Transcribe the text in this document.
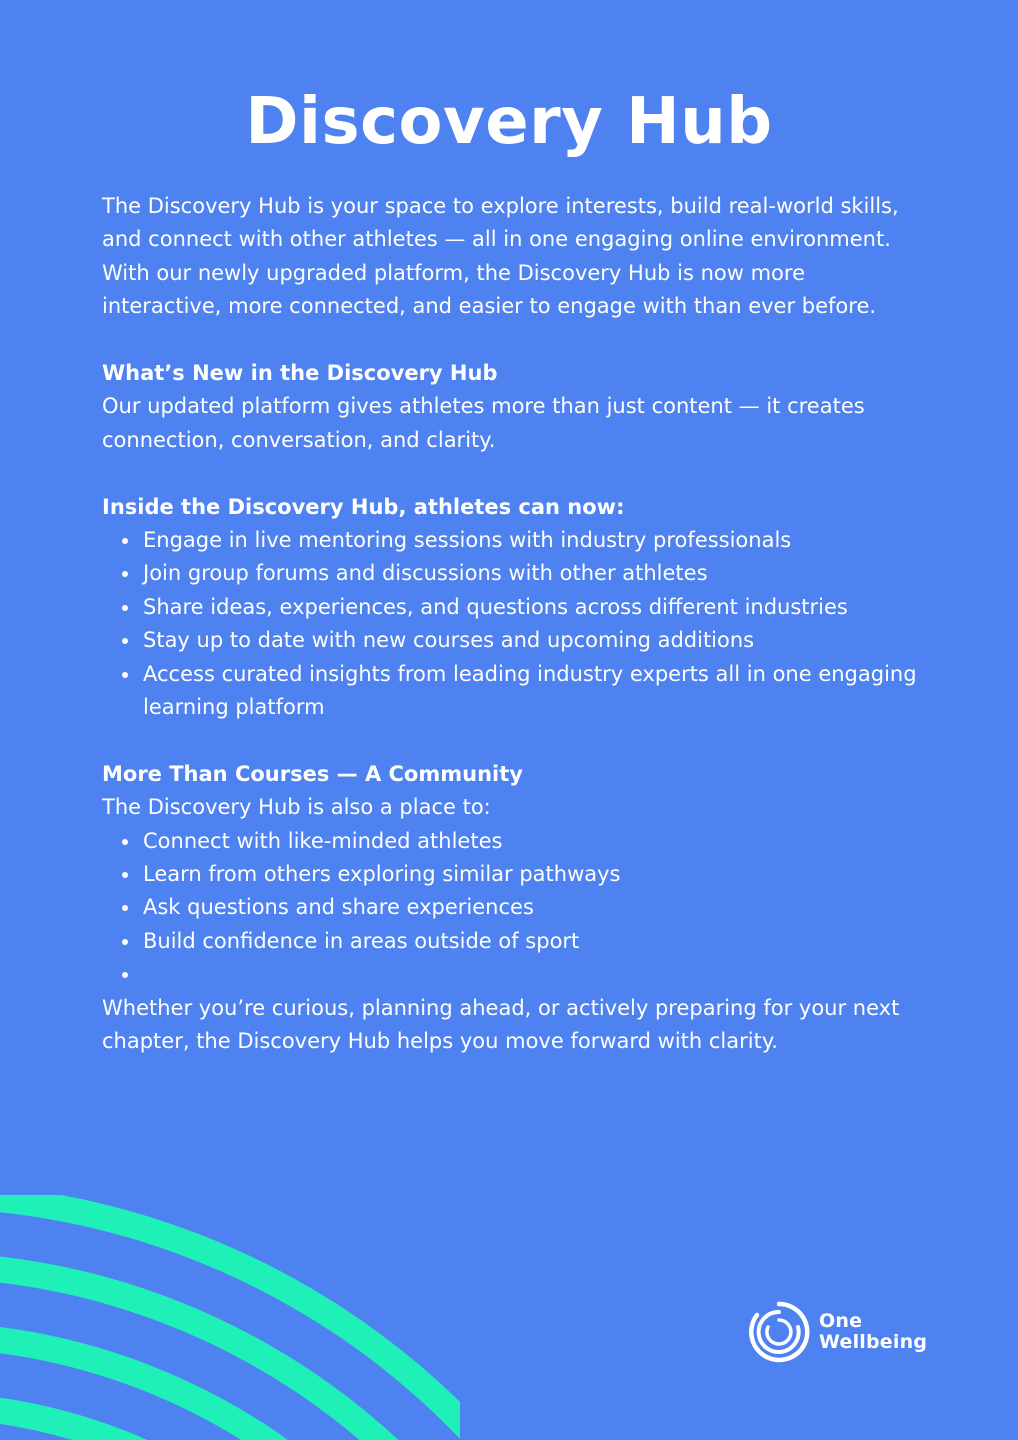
Discovery Hub

The Discovery Hub is your space to explore interests, build real-world skills, and connect with other athletes — all in one engaging online environment. With our newly upgraded platform, the Discovery Hub is now more interactive, more connected, and easier to engage with than ever before.

What’s New in the Discovery Hub

Our updated platform gives athletes more than just content — it creates connection, conversation, and clarity.

Inside the Discovery Hub, athletes can now:
Engage in live mentoring sessions with industry professionals
Join group forums and discussions with other athletes
Share ideas, experiences, and questions across different industries
Stay up to date with new courses and upcoming additions
Access curated insights from leading industry experts all in one engaging learning platform
More Than Courses — A Community

The Discovery Hub is also a place to:

Connect with like-minded athletes
Learn from others exploring similar pathways
Ask questions and share experiences
Build confidence in areas outside of sport

Whether you’re curious, planning ahead, or actively preparing for your next chapter, the Discovery Hub helps you move forward with clarity.

One
Wellbeing
